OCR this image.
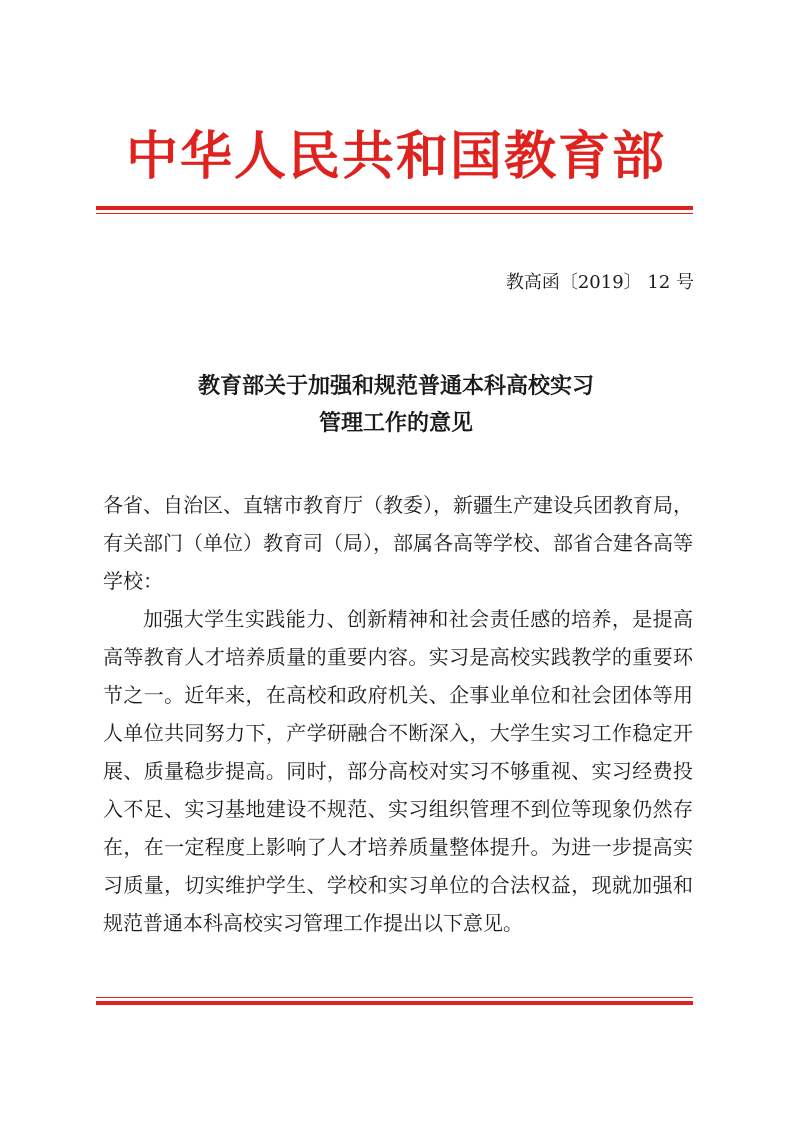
中华人民共和国教育部
教高函〔2019〕 12 号
教育部关于加强和规范普通本科高校实习
管理工作的意见

各省、自治区、直辖市教育厅（教委），新疆生产建设兵团教育局，有关部门（单位）教育司（局），部属各高等学校、部省合建各高等学校：

加强大学生实践能力、创新精神和社会责任感的培养，是提高高等教育人才培养质量的重要内容。实习是高校实践教学的重要环节之一。近年来，在高校和政府机关、企事业单位和社会团体等用人单位共同努力下，产学研融合不断深入，大学生实习工作稳定开展、质量稳步提高。同时，部分高校对实习不够重视、实习经费投入不足、实习基地建设不规范、实习组织管理不到位等现象仍然存在，在一定程度上影响了人才培养质量整体提升。为进一步提高实习质量，切实维护学生、学校和实习单位的合法权益，现就加强和规范普通本科高校实习管理工作提出以下意见。
